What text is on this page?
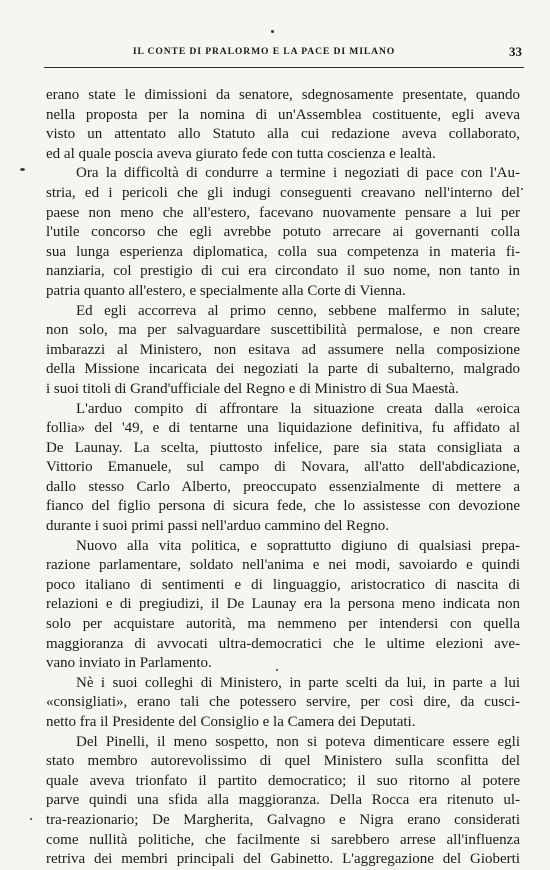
IL CONTE DI PRALORMO E LA PACE DI MILANO	33
erano state le dimissioni da senatore, sdegnosamente presentate, quando
nella proposta per la nomina di un'Assemblea costituente, egli aveva
visto un attentato allo Statuto alla cui redazione aveva collaborato,
ed al quale poscia aveva giurato fede con tutta coscienza e lealtà.
Ora la difficoltà di condurre a termine i negoziati di pace con l'Au-
stria, ed i pericoli che gli indugi conseguenti creavano nell'interno del
paese non meno che all'estero, facevano nuovamente pensare a lui per
l'utile concorso che egli avrebbe potuto arrecare ai governanti colla
sua lunga esperienza diplomatica, colla sua competenza in materia fi-
nanziaria, col prestigio di cui era circondato il suo nome, non tanto in
patria quanto all'estero, e specialmente alla Corte di Vienna.
Ed egli accorreva al primo cenno, sebbene malfermo in salute;
non solo, ma per salvaguardare suscettibilità permalose, e non creare
imbarazzi al Ministero, non esitava ad assumere nella composizione
della Missione incaricata dei negoziati la parte di subalterno, malgrado
i suoi titoli di Grand'ufficiale del Regno e di Ministro di Sua Maestà.
L'arduo compito di affrontare la situazione creata dalla «eroica
follia» del '49, e di tentarne una liquidazione definitiva, fu affidato al
De Launay. La scelta, piuttosto infelice, pare sia stata consigliata a
Vittorio Emanuele, sul campo di Novara, all'atto dell'abdicazione,
dallo stesso Carlo Alberto, preoccupato essenzialmente di mettere a
fianco del figlio persona di sicura fede, che lo assistesse con devozione
durante i suoi primi passi nell'arduo cammino del Regno.
Nuovo alla vita politica, e soprattutto digiuno di qualsiasi prepa-
razione parlamentare, soldato nell'anima e nei modi, savoiardo e quindi
poco italiano di sentimenti e di linguaggio, aristocratico di nascita di
relazioni e di pregiudizi, il De Launay era la persona meno indicata non
solo per acquistare autorità, ma nemmeno per intendersi con quella
maggioranza di avvocati ultra-democratici che le ultime elezioni ave-
vano inviato in Parlamento.
Nè i suoi colleghi di Ministero, in parte scelti da lui, in parte a lui
«consigliati», erano tali che potessero servire, per così dire, da cusci-
netto fra il Presidente del Consiglio e la Camera dei Deputati.
Del Pinelli, il meno sospetto, non si poteva dimenticare essere egli
stato membro autorevolissimo di quel Ministero sulla sconfitta del
quale aveva trionfato il partito democratico; il suo ritorno al potere
parve quindi una sfida alla maggioranza. Della Rocca era ritenuto ul-
tra-reazionario; De Margherita, Galvagno e Nigra erano considerati
come nullità politiche, che facilmente si sarebbero arrese all'influenza
retriva dei membri principali del Gabinetto. L'aggregazione del Gioberti
